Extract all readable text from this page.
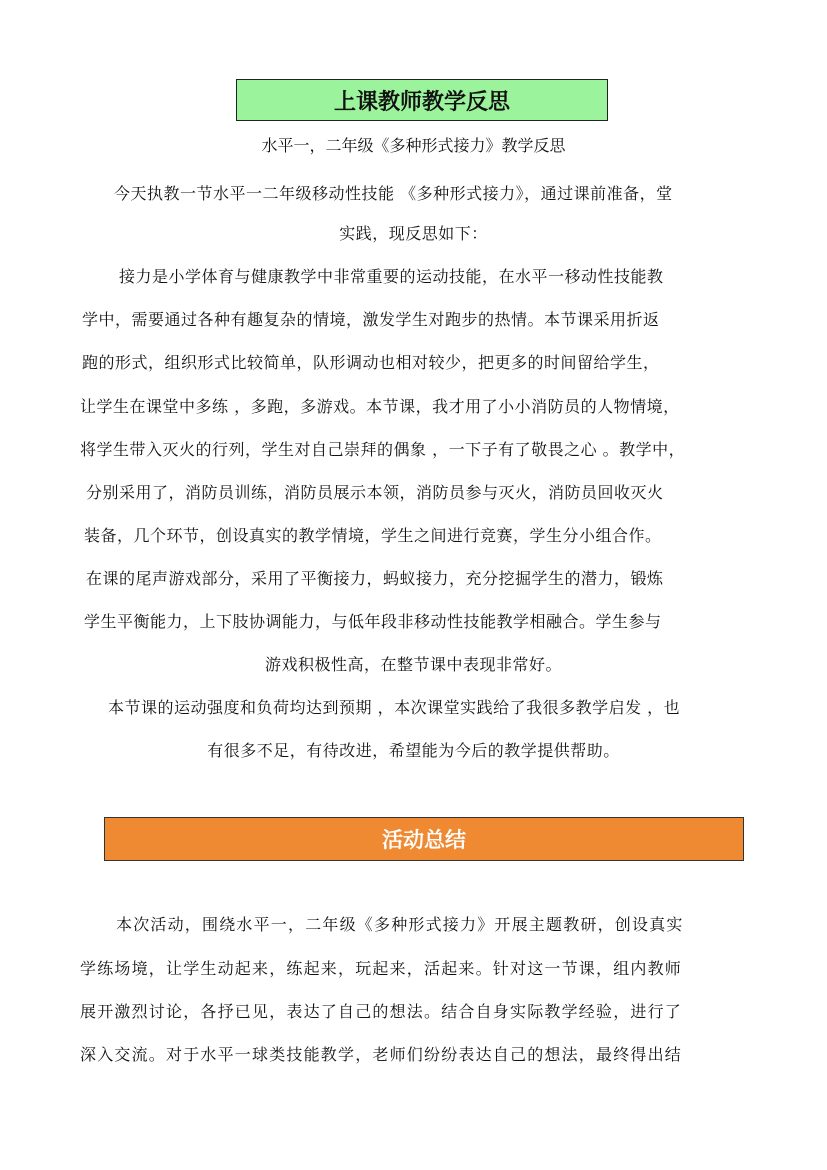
上课教师教学反思
水平一，二年级《多种形式接力》教学反思
今天执教一节水平一二年级移动性技能 《多种形式接力》，通过课前准备，堂
实践，现反思如下：
接力是小学体育与健康教学中非常重要的运动技能，在水平一移动性技能教
学中，需要通过各种有趣复杂的情境，激发学生对跑步的热情。本节课采用折返
跑的形式，组织形式比较简单，队形调动也相对较少，把更多的时间留给学生，
让学生在课堂中多练 ，多跑，多游戏。本节课，我才用了小小消防员的人物情境，
将学生带入灭火的行列，学生对自己崇拜的偶象 ，一下子有了敬畏之心 。教学中，
分别采用了，消防员训练，消防员展示本领，消防员参与灭火，消防员回收灭火
装备，几个环节，创设真实的教学情境，学生之间进行竞赛，学生分小组合作。
在课的尾声游戏部分，采用了平衡接力，蚂蚁接力，充分挖掘学生的潜力，锻炼
学生平衡能力，上下肢协调能力，与低年段非移动性技能教学相融合。学生参与
游戏积极性高，在整节课中表现非常好。
本节课的运动强度和负荷均达到预期 ，本次课堂实践给了我很多教学启发 ，也
有很多不足，有待改进，希望能为今后的教学提供帮助。
活动总结
本次活动，围绕水平一，二年级《多种形式接力》开展主题教研，创设真实
学练场境，让学生动起来，练起来，玩起来，活起来。针对这一节课，组内教师
展开激烈讨论，各抒已见，表达了自己的想法。结合自身实际教学经验，进行了
深入交流。对于水平一球类技能教学，老师们纷纷表达自己的想法，最终得出结
